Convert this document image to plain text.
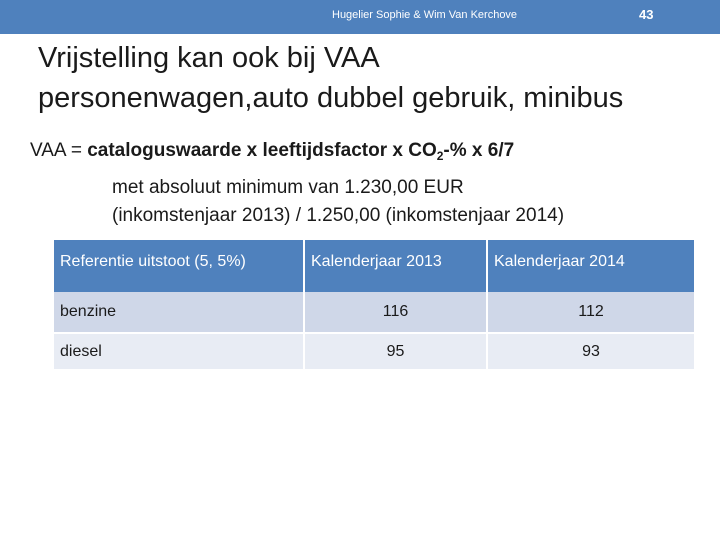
Hugelier Sophie & Wim Van Kerchove	43
Vrijstelling kan ook bij VAA
personenwagen,auto dubbel gebruik, minibus
VAA = cataloguswaarde x leeftijdsfactor x $CO_2-\%$ x 6/7
met absoluut minimum van 1.230,00 EUR
(inkomstenjaar 2013) / 1.250,00 (inkomstenjaar 2014)
Referentie uitstoot (5, 5%)	Kalenderjaar 2013	Kalenderjaar 2014
benzine	116	112
diesel	95	93
